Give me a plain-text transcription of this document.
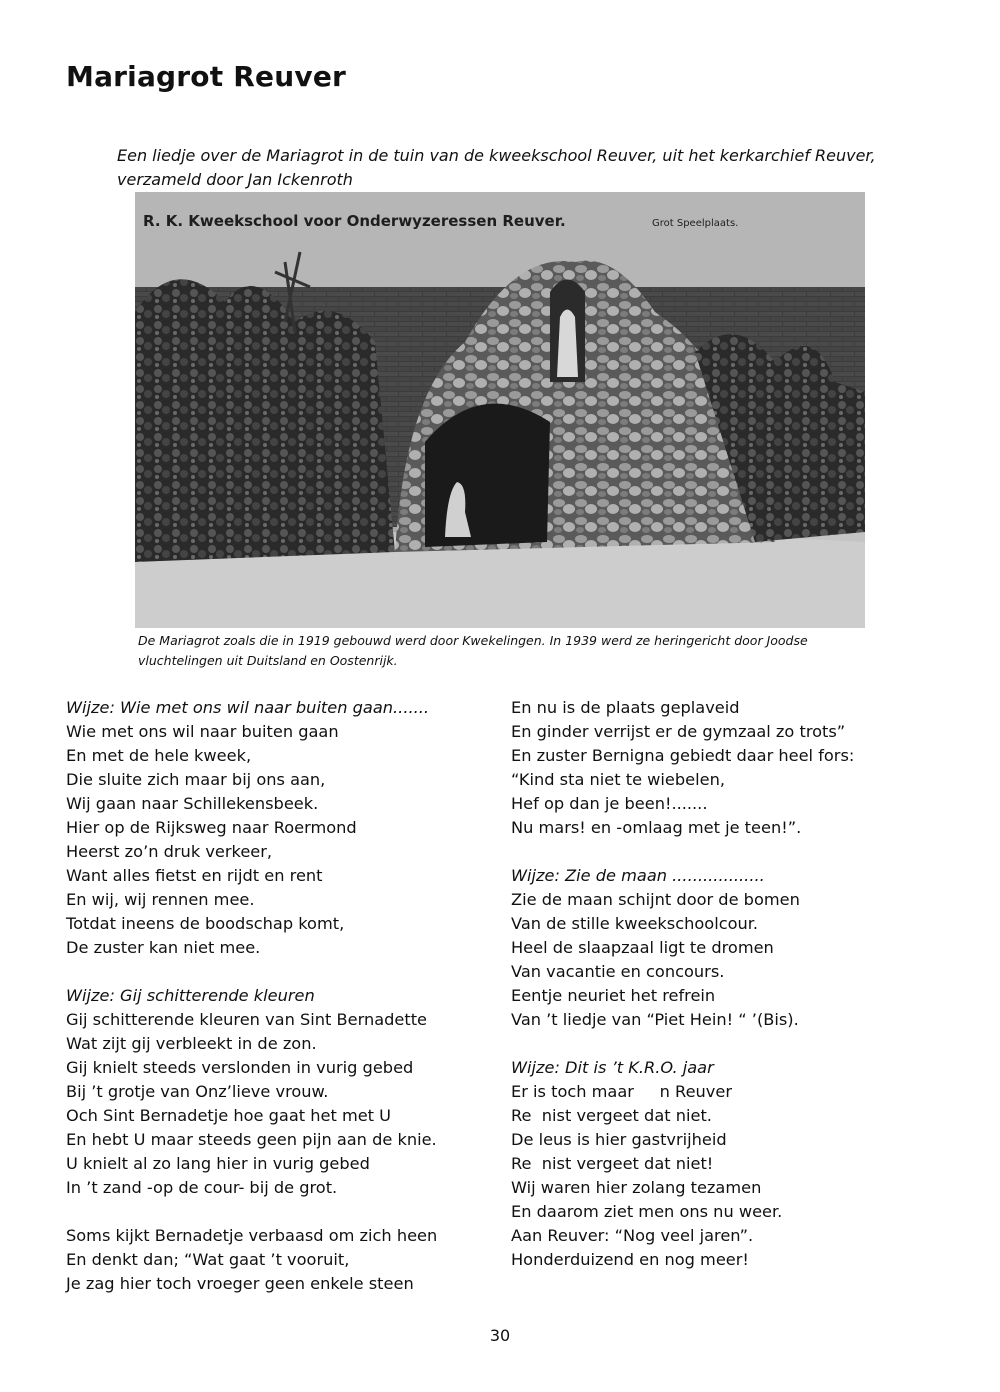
Mariagrot Reuver
Een liedje over de Mariagrot in de tuin van de kweekschool Reuver, uit het kerkarchief Reuver, verzameld door Jan Ickenroth
R. K. Kweekschool voor Onderwyzeressen Reuver.	Grot Speelplaats.
De Mariagrot zoals die in 1919 gebouwd werd door Kwekelingen. In 1939 werd ze heringericht door Joodse vluchtelingen uit Duitsland en Oostenrijk.
Wijze: Wie met ons wil naar buiten gaan.......
Wie met ons wil naar buiten gaan
En met de hele kweek,
Die sluite zich maar bij ons aan,
Wij gaan naar Schillekensbeek.
Hier op de Rijksweg naar Roermond
Heerst zo’n druk verkeer,
Want alles fietst en rijdt en rent
En wij, wij rennen mee.
Totdat ineens de boodschap komt,
De zuster kan niet mee.
Wijze: Gij schitterende kleuren
Gij schitterende kleuren van Sint Bernadette
Wat zijt gij verbleekt in de zon.
Gij knielt steeds verslonden in vurig gebed
Bij ’t grotje van Onz’lieve vrouw.
Och Sint Bernadetje hoe gaat het met U
En hebt U maar steeds geen pijn aan de knie.
U knielt al zo lang hier in vurig gebed
In ’t zand -op de cour- bij de grot.
Soms kijkt Bernadetje verbaasd om zich heen
En denkt dan; “Wat gaat ’t vooruit,
Je zag hier toch vroeger geen enkele steen
En nu is de plaats geplaveid
En ginder verrijst er de gymzaal zo trots”
En zuster Bernigna gebiedt daar heel fors:
“Kind sta niet te wiebelen,
Hef op dan je been!.......
Nu mars! en -omlaag met je teen!”.
Wijze: Zie de maan ..................
Zie de maan schijnt door de bomen
Van de stille kweekschoolcour.
Heel de slaapzaal ligt te dromen
Van vacantie en concours.
Eentje neuriet het refrein
Van ’t liedje van “Piet Hein! “ ’(Bis).
Wijze: Dit is ’t K.R.O. jaar
Er is toch maar     n Reuver
Re  nist vergeet dat niet.
De leus is hier gastvrijheid
Re  nist vergeet dat niet!
Wij waren hier zolang tezamen
En daarom ziet men ons nu weer.
Aan Reuver: “Nog veel jaren”.
Honderduizend en nog meer!
30
